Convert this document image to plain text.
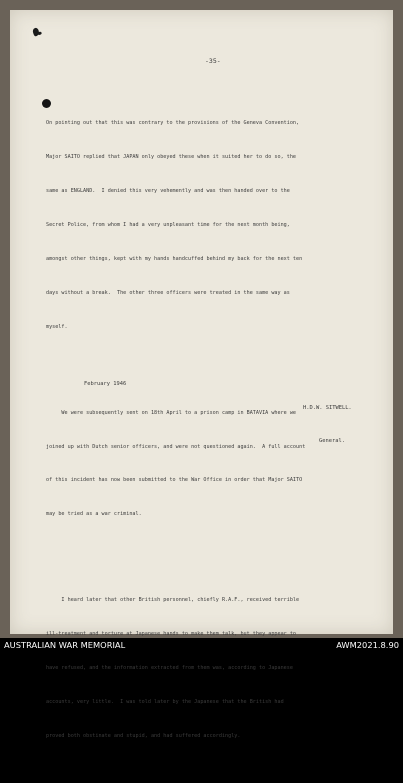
-35-

On pointing out that this was contrary to the provisions of the Geneva Convention,

Major SAITO replied that JAPAN only obeyed these when it suited her to do so, the

same as ENGLAND.  I denied this very vehemently and was then handed over to the

Secret Police, from whom I had a very unpleasant time for the next month being,

amongst other things, kept with my hands handcuffed behind my back for the next ten

days without a break.  The other three officers were treated in the same way as

myself.

We were subsequently sent on 18th April to a prison camp in BATAVIA where we

joined up with Dutch senior officers, and were not questioned again.  A full account

of this incident has now been submitted to the War Office in order that Major SAITO

may be tried as a war criminal.

I heard later that other British personnel, chiefly R.A.F., received terrible

ill-treatment and torture at Japanese hands to make them talk, but they appear to

have refused, and the information extracted from them was, according to Japanese

accounts, very little.  I was told later by the Japanese that the British had

proved both obstinate and stupid, and had suffered accordingly.

February 1946

H.D.W. SITWELL.

General.

AUSTRALIAN WAR MEMORIAL	AWM2021.8.90
